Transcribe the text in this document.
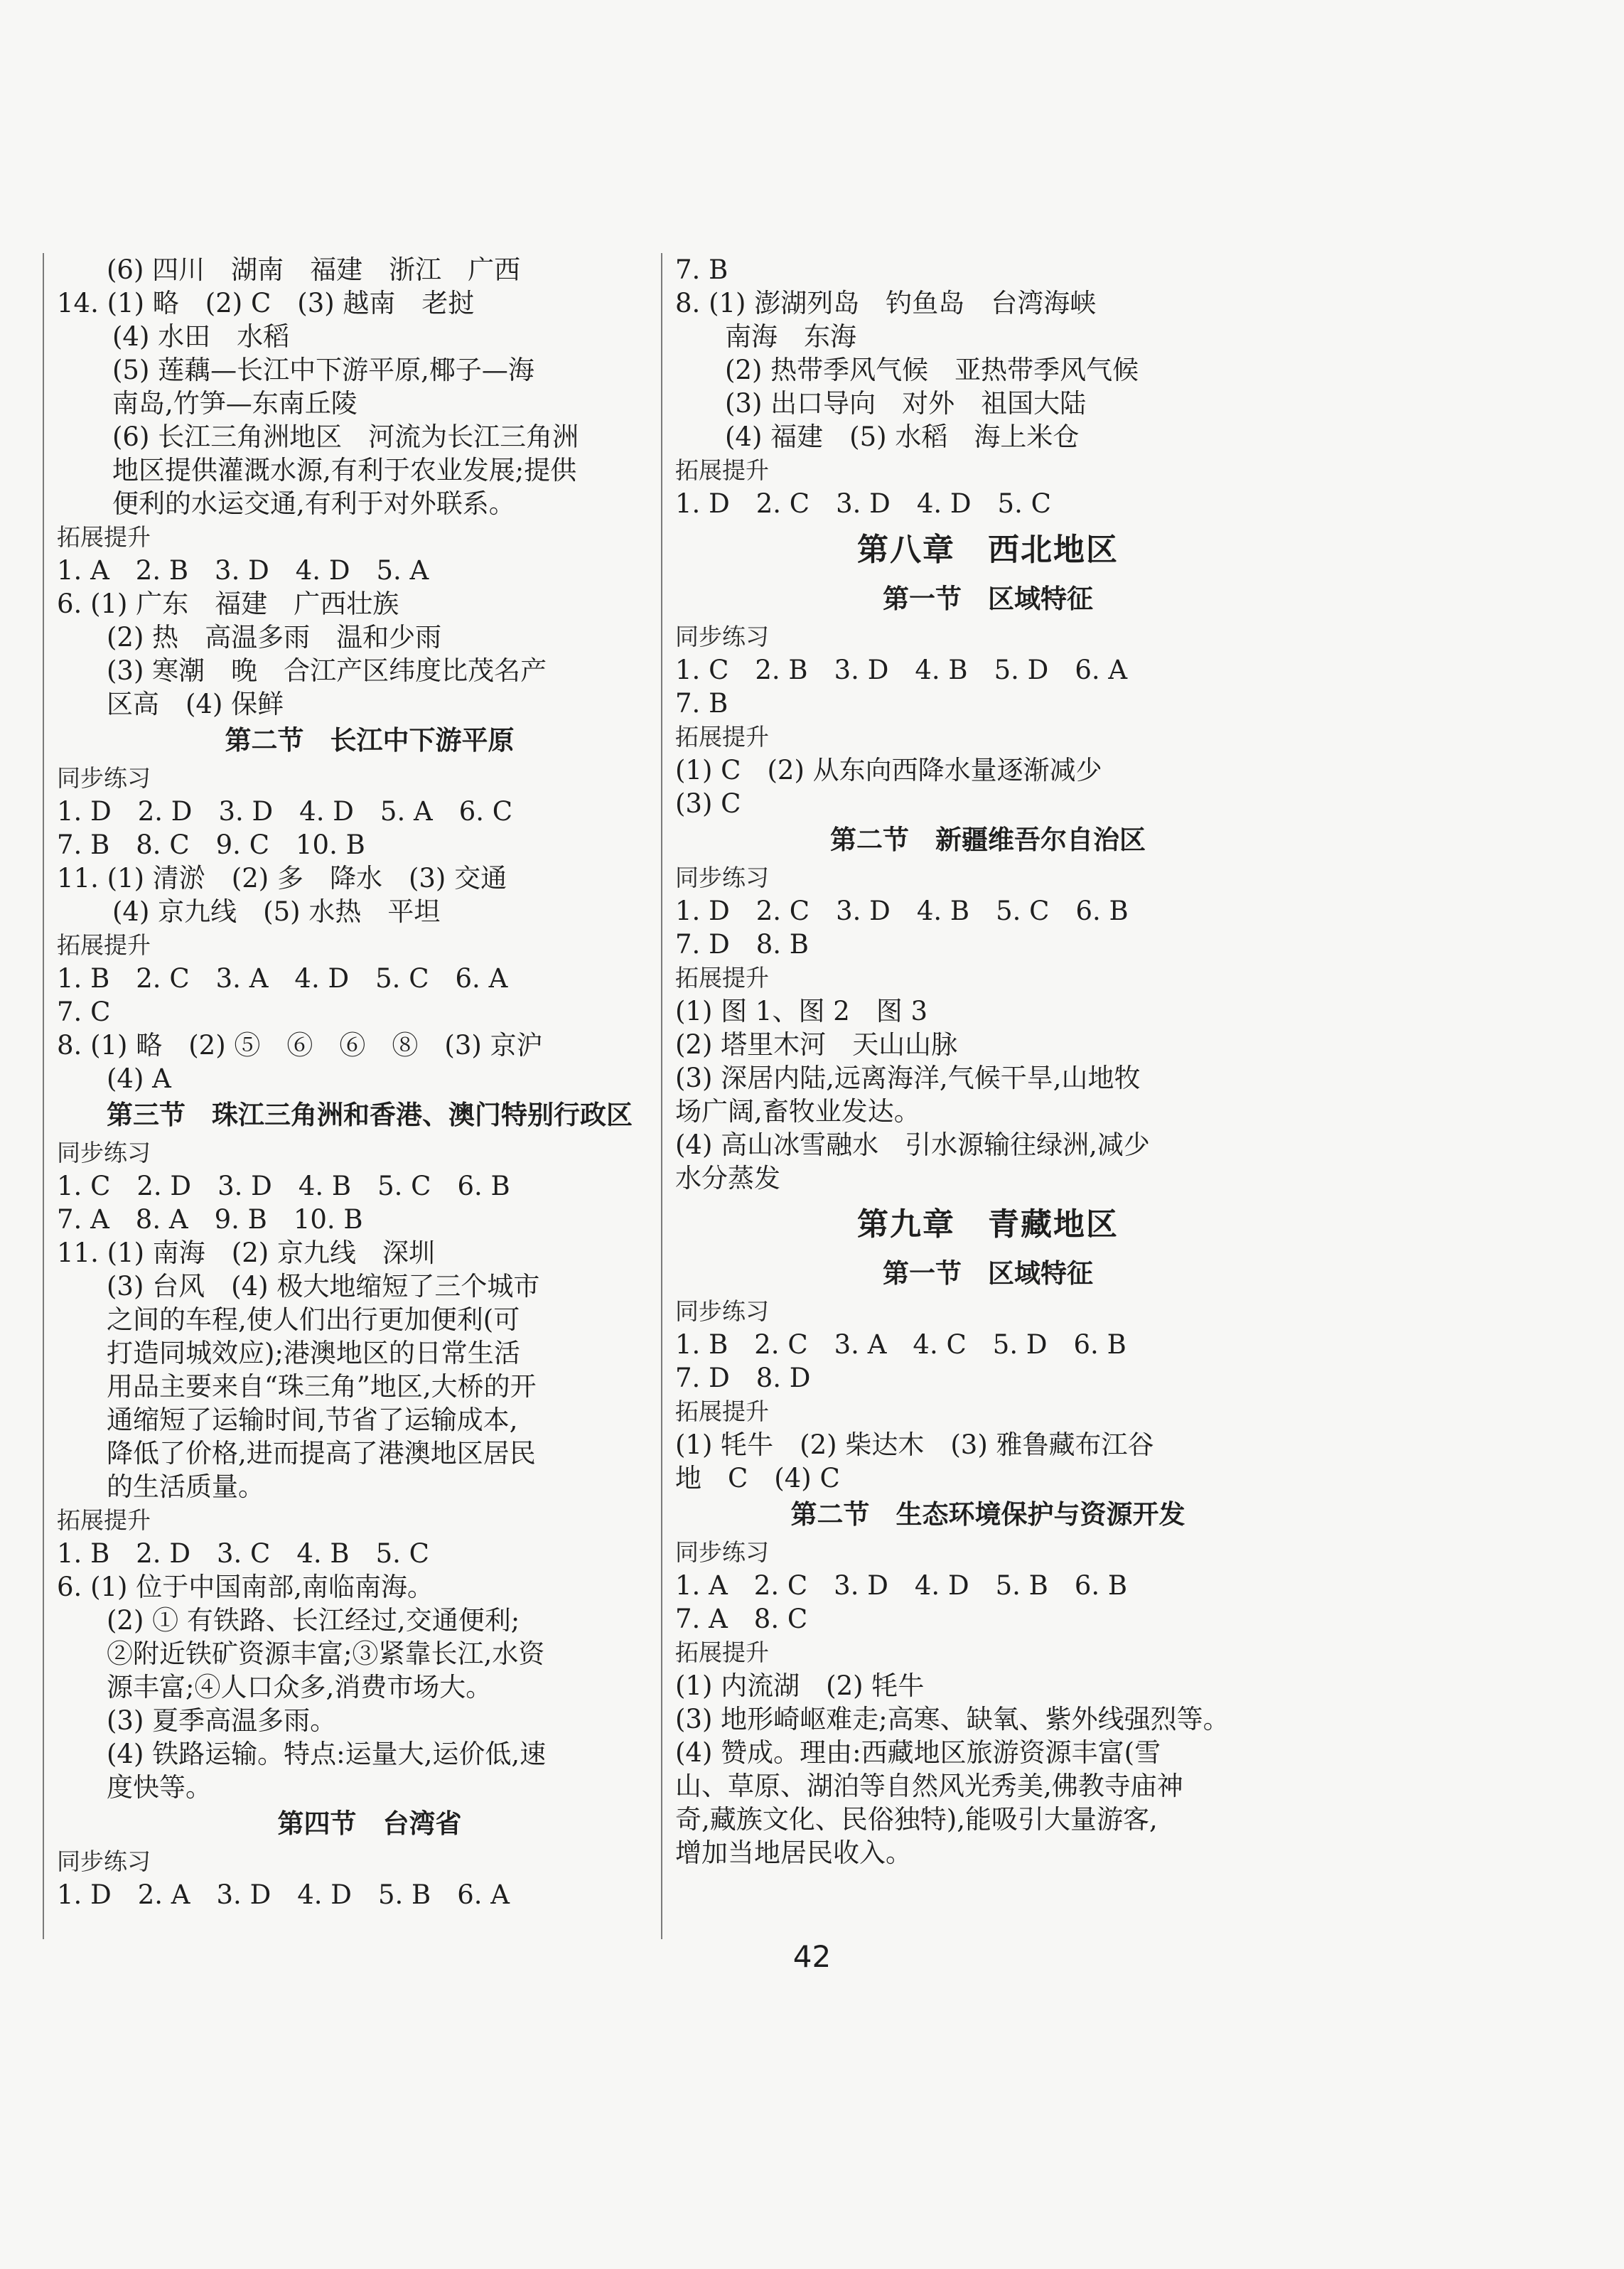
(6) 四川　湖南　福建　浙江　广西

14. (1) 略　(2) C　(3) 越南　老挝

(4) 水田　水稻

(5) 莲藕—长江中下游平原,椰子—海

南岛,竹笋—东南丘陵

(6) 长江三角洲地区　河流为长江三角洲

地区提供灌溉水源,有利于农业发展;提供

便利的水运交通,有利于对外联系。

拓展提升

1. A　2. B　3. D　4. D　5. A

6. (1) 广东　福建　广西壮族

(2) 热　高温多雨　温和少雨

(3) 寒潮　晚　合江产区纬度比茂名产

区高　(4) 保鲜

第二节　长江中下游平原

同步练习

1. D　2. D　3. D　4. D　5. A　6. C

7. B　8. C　9. C　10. B

11. (1) 清淤　(2) 多　降水　(3) 交通

(4) 京九线　(5) 水热　平坦

拓展提升

1. B　2. C　3. A　4. D　5. C　6. A

7. C

8. (1) 略　(2) ⑤　⑥　⑥　⑧　(3) 京沪

(4) A

第三节　珠江三角洲和香港、澳门特别行政区

同步练习

1. C　2. D　3. D　4. B　5. C　6. B

7. A　8. A　9. B　10. B

11. (1) 南海　(2) 京九线　深圳

(3) 台风　(4) 极大地缩短了三个城市

之间的车程,使人们出行更加便利(可

打造同城效应);港澳地区的日常生活

用品主要来自“珠三角”地区,大桥的开

通缩短了运输时间,节省了运输成本,

降低了价格,进而提高了港澳地区居民

的生活质量。

拓展提升

1. B　2. D　3. C　4. B　5. C

6. (1) 位于中国南部,南临南海。

(2) ① 有铁路、长江经过,交通便利;

②附近铁矿资源丰富;③紧靠长江,水资

源丰富;④人口众多,消费市场大。

(3) 夏季高温多雨。

(4) 铁路运输。特点:运量大,运价低,速

度快等。

第四节　台湾省

同步练习

1. D　2. A　3. D　4. D　5. B　6. A

7. B

8. (1) 澎湖列岛　钓鱼岛　台湾海峡

南海　东海

(2) 热带季风气候　亚热带季风气候

(3) 出口导向　对外　祖国大陆

(4) 福建　(5) 水稻　海上米仓

拓展提升

1. D　2. C　3. D　4. D　5. C

第八章　西北地区
第一节　区域特征

同步练习

1. C　2. B　3. D　4. B　5. D　6. A

7. B

拓展提升

(1) C　(2) 从东向西降水量逐渐减少

(3) C

第二节　新疆维吾尔自治区

同步练习

1. D　2. C　3. D　4. B　5. C　6. B

7. D　8. B

拓展提升

(1) 图 1、图 2　图 3

(2) 塔里木河　天山山脉

(3) 深居内陆,远离海洋,气候干旱,山地牧

场广阔,畜牧业发达。

(4) 高山冰雪融水　引水源输往绿洲,减少

水分蒸发

第九章　青藏地区
第一节　区域特征

同步练习

1. B　2. C　3. A　4. C　5. D　6. B

7. D　8. D

拓展提升

(1) 牦牛　(2) 柴达木　(3) 雅鲁藏布江谷

地　C　(4) C

第二节　生态环境保护与资源开发

同步练习

1. A　2. C　3. D　4. D　5. B　6. B

7. A　8. C

拓展提升

(1) 内流湖　(2) 牦牛

(3) 地形崎岖难走;高寒、缺氧、紫外线强烈等。

(4) 赞成。理由:西藏地区旅游资源丰富(雪

山、草原、湖泊等自然风光秀美,佛教寺庙神

奇,藏族文化、民俗独特),能吸引大量游客,

增加当地居民收入。

42
